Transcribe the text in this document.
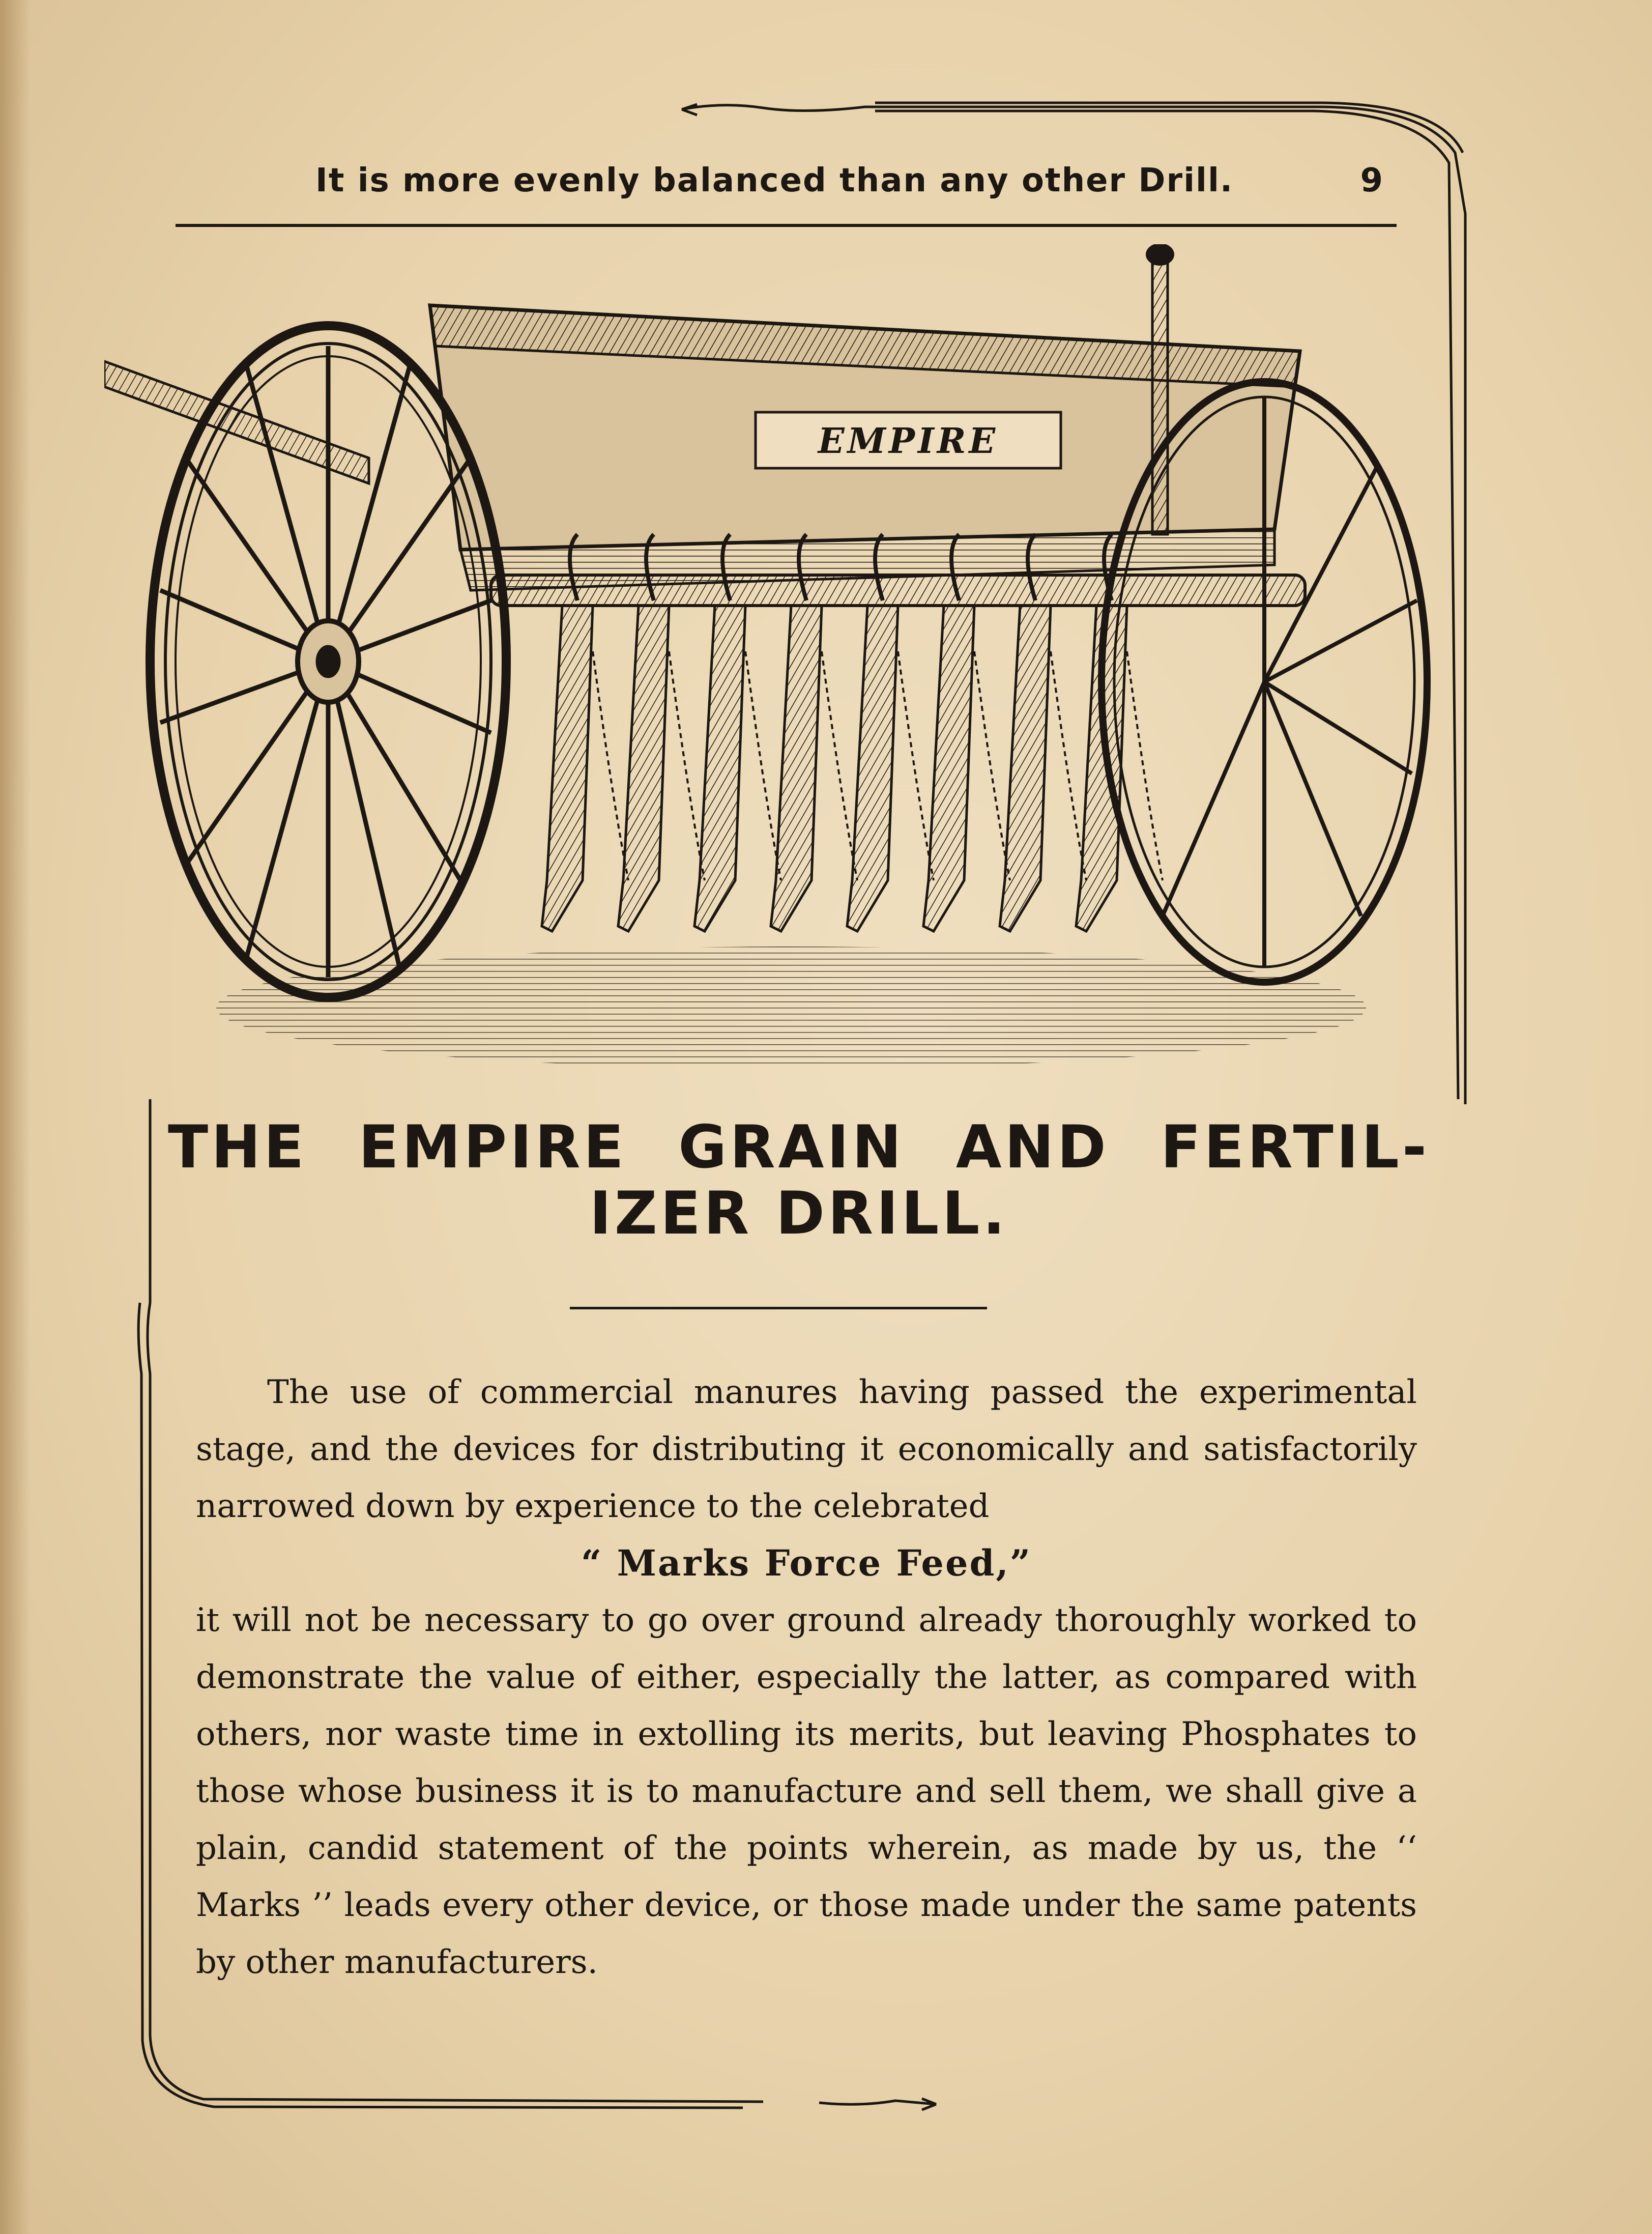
It is more evenly balanced than any other Drill.	9
EMPIRE
THE EMPIRE GRAIN AND FERTIL-
IZER DRILL.

The use of commercial manures having passed the experimental stage, and the devices for distributing it economically and satisfactorily narrowed down by experience to the celebrated

“ Marks Force Feed,”

it will not be necessary to go over ground already thoroughly worked to demonstrate the value of either, especially the latter, as compared with others, nor waste time in extolling its merits, but leaving Phosphates to those whose business it is to manufacture and sell them, we shall give a plain, candid statement of the points wherein, as made by us, the ‘‘ Marks ’’ leads every other device, or those made under the same patents by other manufacturers.
